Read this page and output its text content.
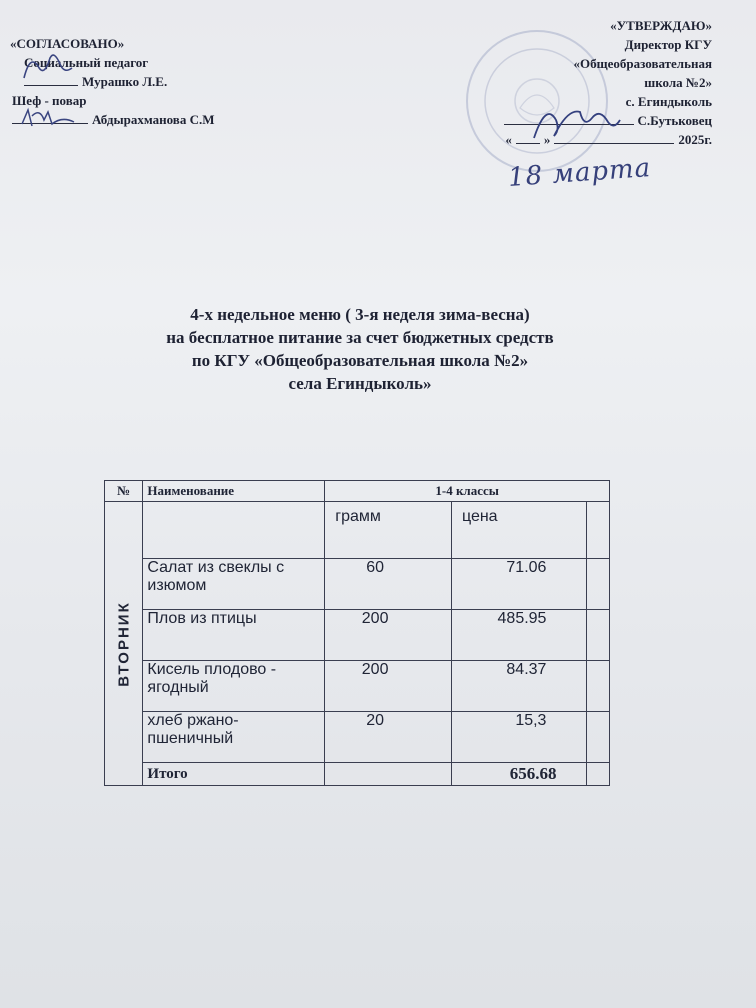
«СОГЛАСОВАНО»
Социальный педагог
Мурашко Л.Е.
Шеф - повар
Абдырахманова С.М
«УТВЕРЖДАЮ»
Директор КГУ
«Общеобразовательная
школа №2»
с. Егиндыколь
С.Бутьковец
« »	2025г.
18 марта
4-х недельное меню ( 3-я неделя зима-весна)
на бесплатное питание за счет бюджетных средств
по КГУ «Общеобразовательная школа №2»
села Егиндыколь»
№	Наименование	1-4 классы		

ВТОРНИК		грамм	цена	
	Салат из свеклы с изюмом	60	71.06	
	Плов из птицы	200	485.95	
	Кисель плодово - ягодный	200	84.37	
	хлеб ржано-пшеничный	20	15,3	
	Итого		656.68	
